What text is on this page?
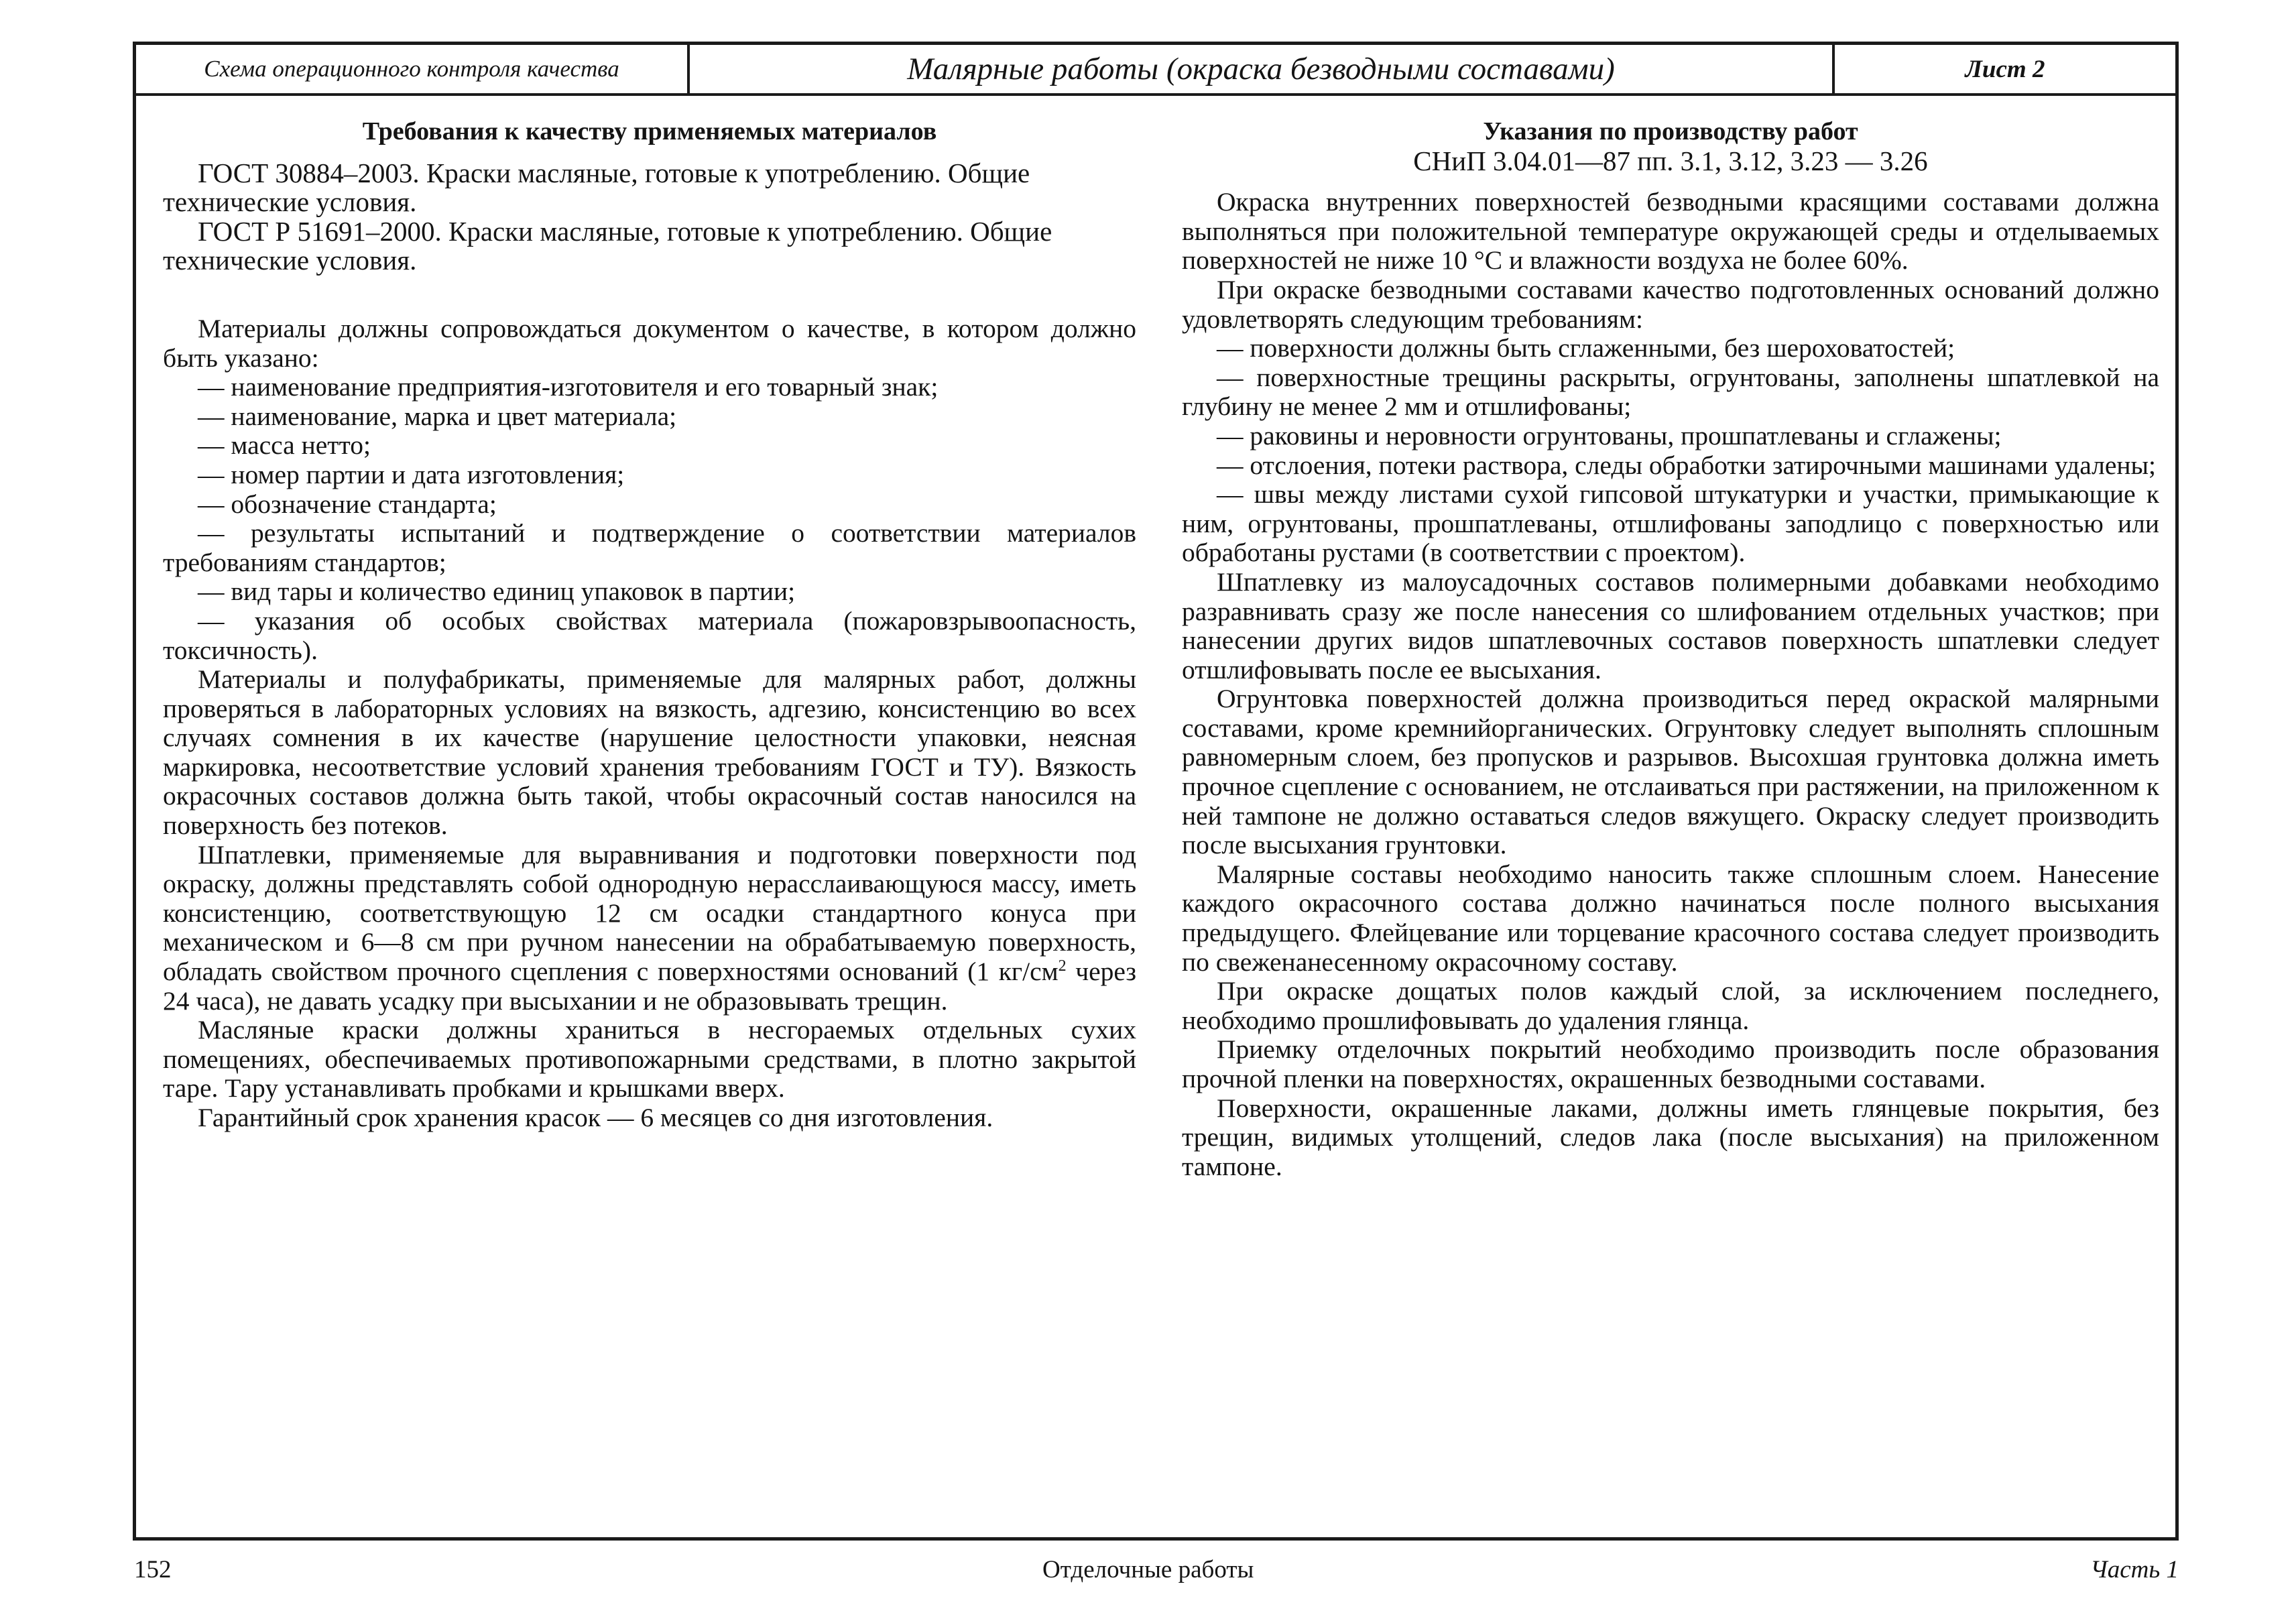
Схема операционного контроля качества	Малярные работы (окраска безводными составами)	Лист 2
Требования к качеству применяемых материалов
ГОСТ 30884–2003. Краски масляные, готовые к употреблению. Общие технические условия.
ГОСТ Р 51691–2000. Краски масляные, готовые к употреблению. Общие технические условия.

Материалы должны сопровождаться документом о качестве, в котором должно быть указано:

— наименование предприятия-изготовителя и его товарный знак;

— наименование, марка и цвет материала;

— масса нетто;

— номер партии и дата изготовления;

— обозначение стандарта;

— результаты испытаний и подтверждение о соответствии материалов требованиям стандартов;

— вид тары и количество единиц упаковок в партии;

— указания об особых свойствах материала (пожаровзрывоопасность, токсичность).

Материалы и полуфабрикаты, применяемые для малярных работ, должны проверяться в лабораторных условиях на вязкость, адгезию, консистенцию во всех случаях сомнения в их качестве (нарушение целостности упаковки, неясная маркировка, несоответствие условий хранения требованиям ГОСТ и ТУ). Вязкость окрасочных составов должна быть такой, чтобы окрасочный состав наносился на поверхность без потеков.

Шпатлевки, применяемые для выравнивания и подготовки поверхности под окраску, должны представлять собой однородную нерасслаивающуюся массу, иметь консистенцию, соответствующую 12 см осадки стандартного конуса при механическом и 6—8 см при ручном нанесении на обрабатываемую поверхность, обладать свойством прочного сцепления с поверхностями оснований (1 $кг/см^2$ через 24 часа), не давать усадку при высыхании и не образовывать трещин.

Масляные краски должны храниться в несгораемых отдельных сухих помещениях, обеспечиваемых противопожарными средствами, в плотно закрытой таре. Тару устанавливать пробками и крышками вверх.

Гарантийный срок хранения красок — 6 месяцев со дня изготовления.

Указания по производству работ
СНиП 3.04.01—87 пп. 3.1, 3.12, 3.23 — 3.26

Окраска внутренних поверхностей безводными красящими составами должна выполняться при положительной температуре окружающей среды и отделываемых поверхностей не ниже 10 °С и влажности воздуха не более 60%.

При окраске безводными составами качество подготовленных оснований должно удовлетворять следующим требованиям:

— поверхности должны быть сглаженными, без шероховатостей;

— поверхностные трещины раскрыты, огрунтованы, заполнены шпатлевкой на глубину не менее 2 мм и отшлифованы;

— раковины и неровности огрунтованы, прошпатлеваны и сглажены;

— отслоения, потеки раствора, следы обработки затирочными машинами удалены;

— швы между листами сухой гипсовой штукатурки и участки, примыкающие к ним, огрунтованы, прошпатлеваны, отшлифованы заподлицо с поверхностью или обработаны рустами (в соответствии с проектом).

Шпатлевку из малоусадочных составов полимерными добавками необходимо разравнивать сразу же после нанесения со шлифованием отдельных участков; при нанесении других видов шпатлевочных составов поверхность шпатлевки следует отшлифовывать после ее высыхания.

Огрунтовка поверхностей должна производиться перед окраской малярными составами, кроме кремнийорганических. Огрунтовку следует выполнять сплошным равномерным слоем, без пропусков и разрывов. Высохшая грунтовка должна иметь прочное сцепление с основанием, не отслаиваться при растяжении, на приложенном к ней тампоне не должно оставаться следов вяжущего. Окраску следует производить после высыхания грунтовки.

Малярные составы необходимо наносить также сплошным слоем. Нанесение каждого окрасочного состава должно начинаться после полного высыхания предыдущего. Флейцевание или торцевание красочного состава следует производить по свеженанесенному окрасочному составу.

При окраске дощатых полов каждый слой, за исключением последнего, необходимо прошлифовывать до удаления глянца.

Приемку отделочных покрытий необходимо производить после образования прочной пленки на поверхностях, окрашенных безводными составами.

Поверхности, окрашенные лаками, должны иметь глянцевые покрытия, без трещин, видимых утолщений, следов лака (после высыхания) на приложенном тампоне.

152	Отделочные работы	Часть 1
